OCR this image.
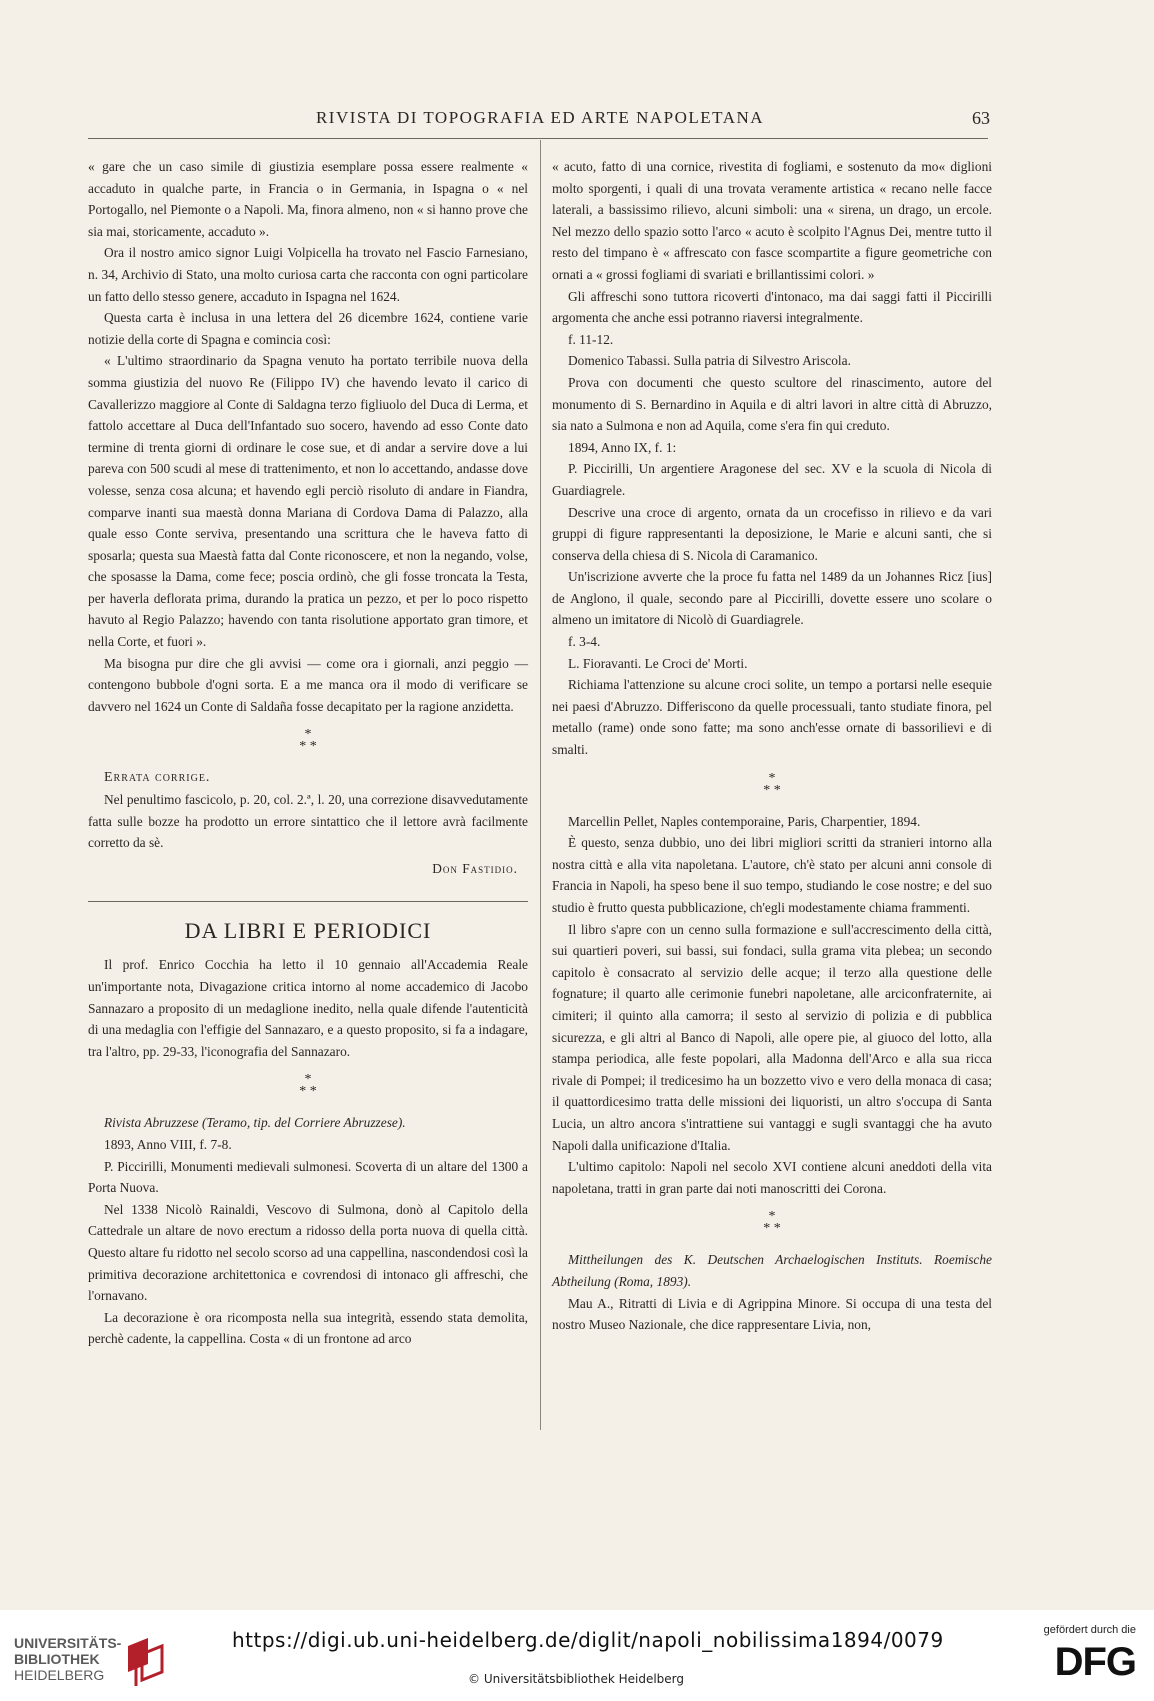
RIVISTA DI TOPOGRAFIA ED ARTE NAPOLETANA	63

« gare che un caso simile di giustizia esemplare possa essere realmente « accaduto in qualche parte, in Francia o in Germania, in Ispagna o « nel Portogallo, nel Piemonte o a Napoli. Ma, finora almeno, non « si hanno prove che sia mai, storicamente, accaduto ».

Ora il nostro amico signor Luigi Volpicella ha trovato nel Fascio Farnesiano, n. 34, Archivio di Stato, una molto curiosa carta che racconta con ogni particolare un fatto dello stesso genere, accaduto in Ispagna nel 1624.

Questa carta è inclusa in una lettera del 26 dicembre 1624, contiene varie notizie della corte di Spagna e comincia così:

« L'ultimo straordinario da Spagna venuto ha portato terribile nuova della somma giustizia del nuovo Re (Filippo IV) che havendo levato il carico di Cavallerizzo maggiore al Conte di Saldagna terzo figliuolo del Duca di Lerma, et fattolo accettare al Duca dell'Infantado suo socero, havendo ad esso Conte dato termine di trenta giorni di ordinare le cose sue, et di andar a servire dove a lui pareva con 500 scudi al mese di trattenimento, et non lo accettando, andasse dove volesse, senza cosa alcuna; et havendo egli perciò risoluto di andare in Fiandra, comparve inanti sua maestà donna Mariana di Cordova Dama di Palazzo, alla quale esso Conte serviva, presentando una scrittura che le haveva fatto di sposarla; questa sua Maestà fatta dal Conte riconoscere, et non la negando, volse, che sposasse la Dama, come fece; poscia ordinò, che gli fosse troncata la Testa, per haverla deflorata prima, durando la pratica un pezzo, et per lo poco rispetto havuto al Regio Palazzo; havendo con tanta risolutione apportato gran timore, et nella Corte, et fuori ».

Ma bisogna pur dire che gli avvisi — come ora i giornali, anzi peggio — contengono bubbole d'ogni sorta. E a me manca ora il modo di verificare se davvero nel 1624 un Conte di Saldaña fosse decapitato per la ragione anzidetta.

*
* *

Errata corrige.

Nel penultimo fascicolo, p. 20, col. 2.ª, l. 20, una correzione disavvedutamente fatta sulle bozze ha prodotto un errore sintattico che il lettore avrà facilmente corretto da sè.

Don Fastidio.
DA LIBRI E PERIODICI

Il prof. Enrico Cocchia ha letto il 10 gennaio all'Accademia Reale un'importante nota, Divagazione critica intorno al nome accademico di Jacobo Sannazaro a proposito di un medaglione inedito, nella quale difende l'autenticità di una medaglia con l'effigie del Sannazaro, e a questo proposito, si fa a indagare, tra l'altro, pp. 29-33, l'iconografia del Sannazaro.

*
* *

Rivista Abruzzese (Teramo, tip. del Corriere Abruzzese).

1893, Anno VIII, f. 7-8.

P. Piccirilli, Monumenti medievali sulmonesi. Scoverta di un altare del 1300 a Porta Nuova.

Nel 1338 Nicolò Rainaldi, Vescovo di Sulmona, donò al Capitolo della Cattedrale un altare de novo erectum a ridosso della porta nuova di quella città. Questo altare fu ridotto nel secolo scorso ad una cappellina, nascondendosi così la primitiva decorazione architettonica e covrendosi di intonaco gli affreschi, che l'ornavano.

La decorazione è ora ricomposta nella sua integrità, essendo stata demolita, perchè cadente, la cappellina. Costa « di un frontone ad arco

« acuto, fatto di una cornice, rivestita di fogliami, e sostenuto da mo« diglioni molto sporgenti, i quali di una trovata veramente artistica « recano nelle facce laterali, a bassissimo rilievo, alcuni simboli: una « sirena, un drago, un ercole. Nel mezzo dello spazio sotto l'arco « acuto è scolpito l'Agnus Dei, mentre tutto il resto del timpano è « affrescato con fasce scompartite a figure geometriche con ornati a « grossi fogliami di svariati e brillantissimi colori. »

Gli affreschi sono tuttora ricoverti d'intonaco, ma dai saggi fatti il Piccirilli argomenta che anche essi potranno riaversi integralmente.

f. 11-12.

Domenico Tabassi. Sulla patria di Silvestro Ariscola.

Prova con documenti che questo scultore del rinascimento, autore del monumento di S. Bernardino in Aquila e di altri lavori in altre città di Abruzzo, sia nato a Sulmona e non ad Aquila, come s'era fin qui creduto.

1894, Anno IX, f. 1:

P. Piccirilli, Un argentiere Aragonese del sec. XV e la scuola di Nicola di Guardiagrele.

Descrive una croce di argento, ornata da un crocefisso in rilievo e da vari gruppi di figure rappresentanti la deposizione, le Marie e alcuni santi, che si conserva della chiesa di S. Nicola di Caramanico.

Un'iscrizione avverte che la proce fu fatta nel 1489 da un Johannes Ricz [ius] de Anglono, il quale, secondo pare al Piccirilli, dovette essere uno scolare o almeno un imitatore di Nicolò di Guardiagrele.

f. 3-4.

L. Fioravanti. Le Croci de' Morti.

Richiama l'attenzione su alcune croci solite, un tempo a portarsi nelle esequie nei paesi d'Abruzzo. Differiscono da quelle processuali, tanto studiate finora, pel metallo (rame) onde sono fatte; ma sono anch'esse ornate di bassorilievi e di smalti.

*
* *

Marcellin Pellet, Naples contemporaine, Paris, Charpentier, 1894.

È questo, senza dubbio, uno dei libri migliori scritti da stranieri intorno alla nostra città e alla vita napoletana. L'autore, ch'è stato per alcuni anni console di Francia in Napoli, ha speso bene il suo tempo, studiando le cose nostre; e del suo studio è frutto questa pubblicazione, ch'egli modestamente chiama frammenti.

Il libro s'apre con un cenno sulla formazione e sull'accrescimento della città, sui quartieri poveri, sui bassi, sui fondaci, sulla grama vita plebea; un secondo capitolo è consacrato al servizio delle acque; il terzo alla questione delle fognature; il quarto alle cerimonie funebri napoletane, alle arciconfraternite, ai cimiteri; il quinto alla camorra; il sesto al servizio di polizia e di pubblica sicurezza, e gli altri al Banco di Napoli, alle opere pie, al giuoco del lotto, alla stampa periodica, alle feste popolari, alla Madonna dell'Arco e alla sua ricca rivale di Pompei; il tredicesimo ha un bozzetto vivo e vero della monaca di casa; il quattordicesimo tratta delle missioni dei liquoristi, un altro s'occupa di Santa Lucia, un altro ancora s'intrattiene sui vantaggi e sugli svantaggi che ha avuto Napoli dalla unificazione d'Italia.

L'ultimo capitolo: Napoli nel secolo XVI contiene alcuni aneddoti della vita napoletana, tratti in gran parte dai noti manoscritti dei Corona.

*
* *

Mittheilungen des K. Deutschen Archaelogischen Instituts. Roemische Abtheilung (Roma, 1893).

Mau A., Ritratti di Livia e di Agrippina Minore. Si occupa di una testa del nostro Museo Nazionale, che dice rappresentare Livia, non,

UNIVERSITÄTS-
BIBLIOTHEK
HEIDELBERG
https://digi.ub.uni-heidelberg.de/diglit/napoli_nobilissima1894/0079
© Universitätsbibliothek Heidelberg
gefördert durch die
DFG
